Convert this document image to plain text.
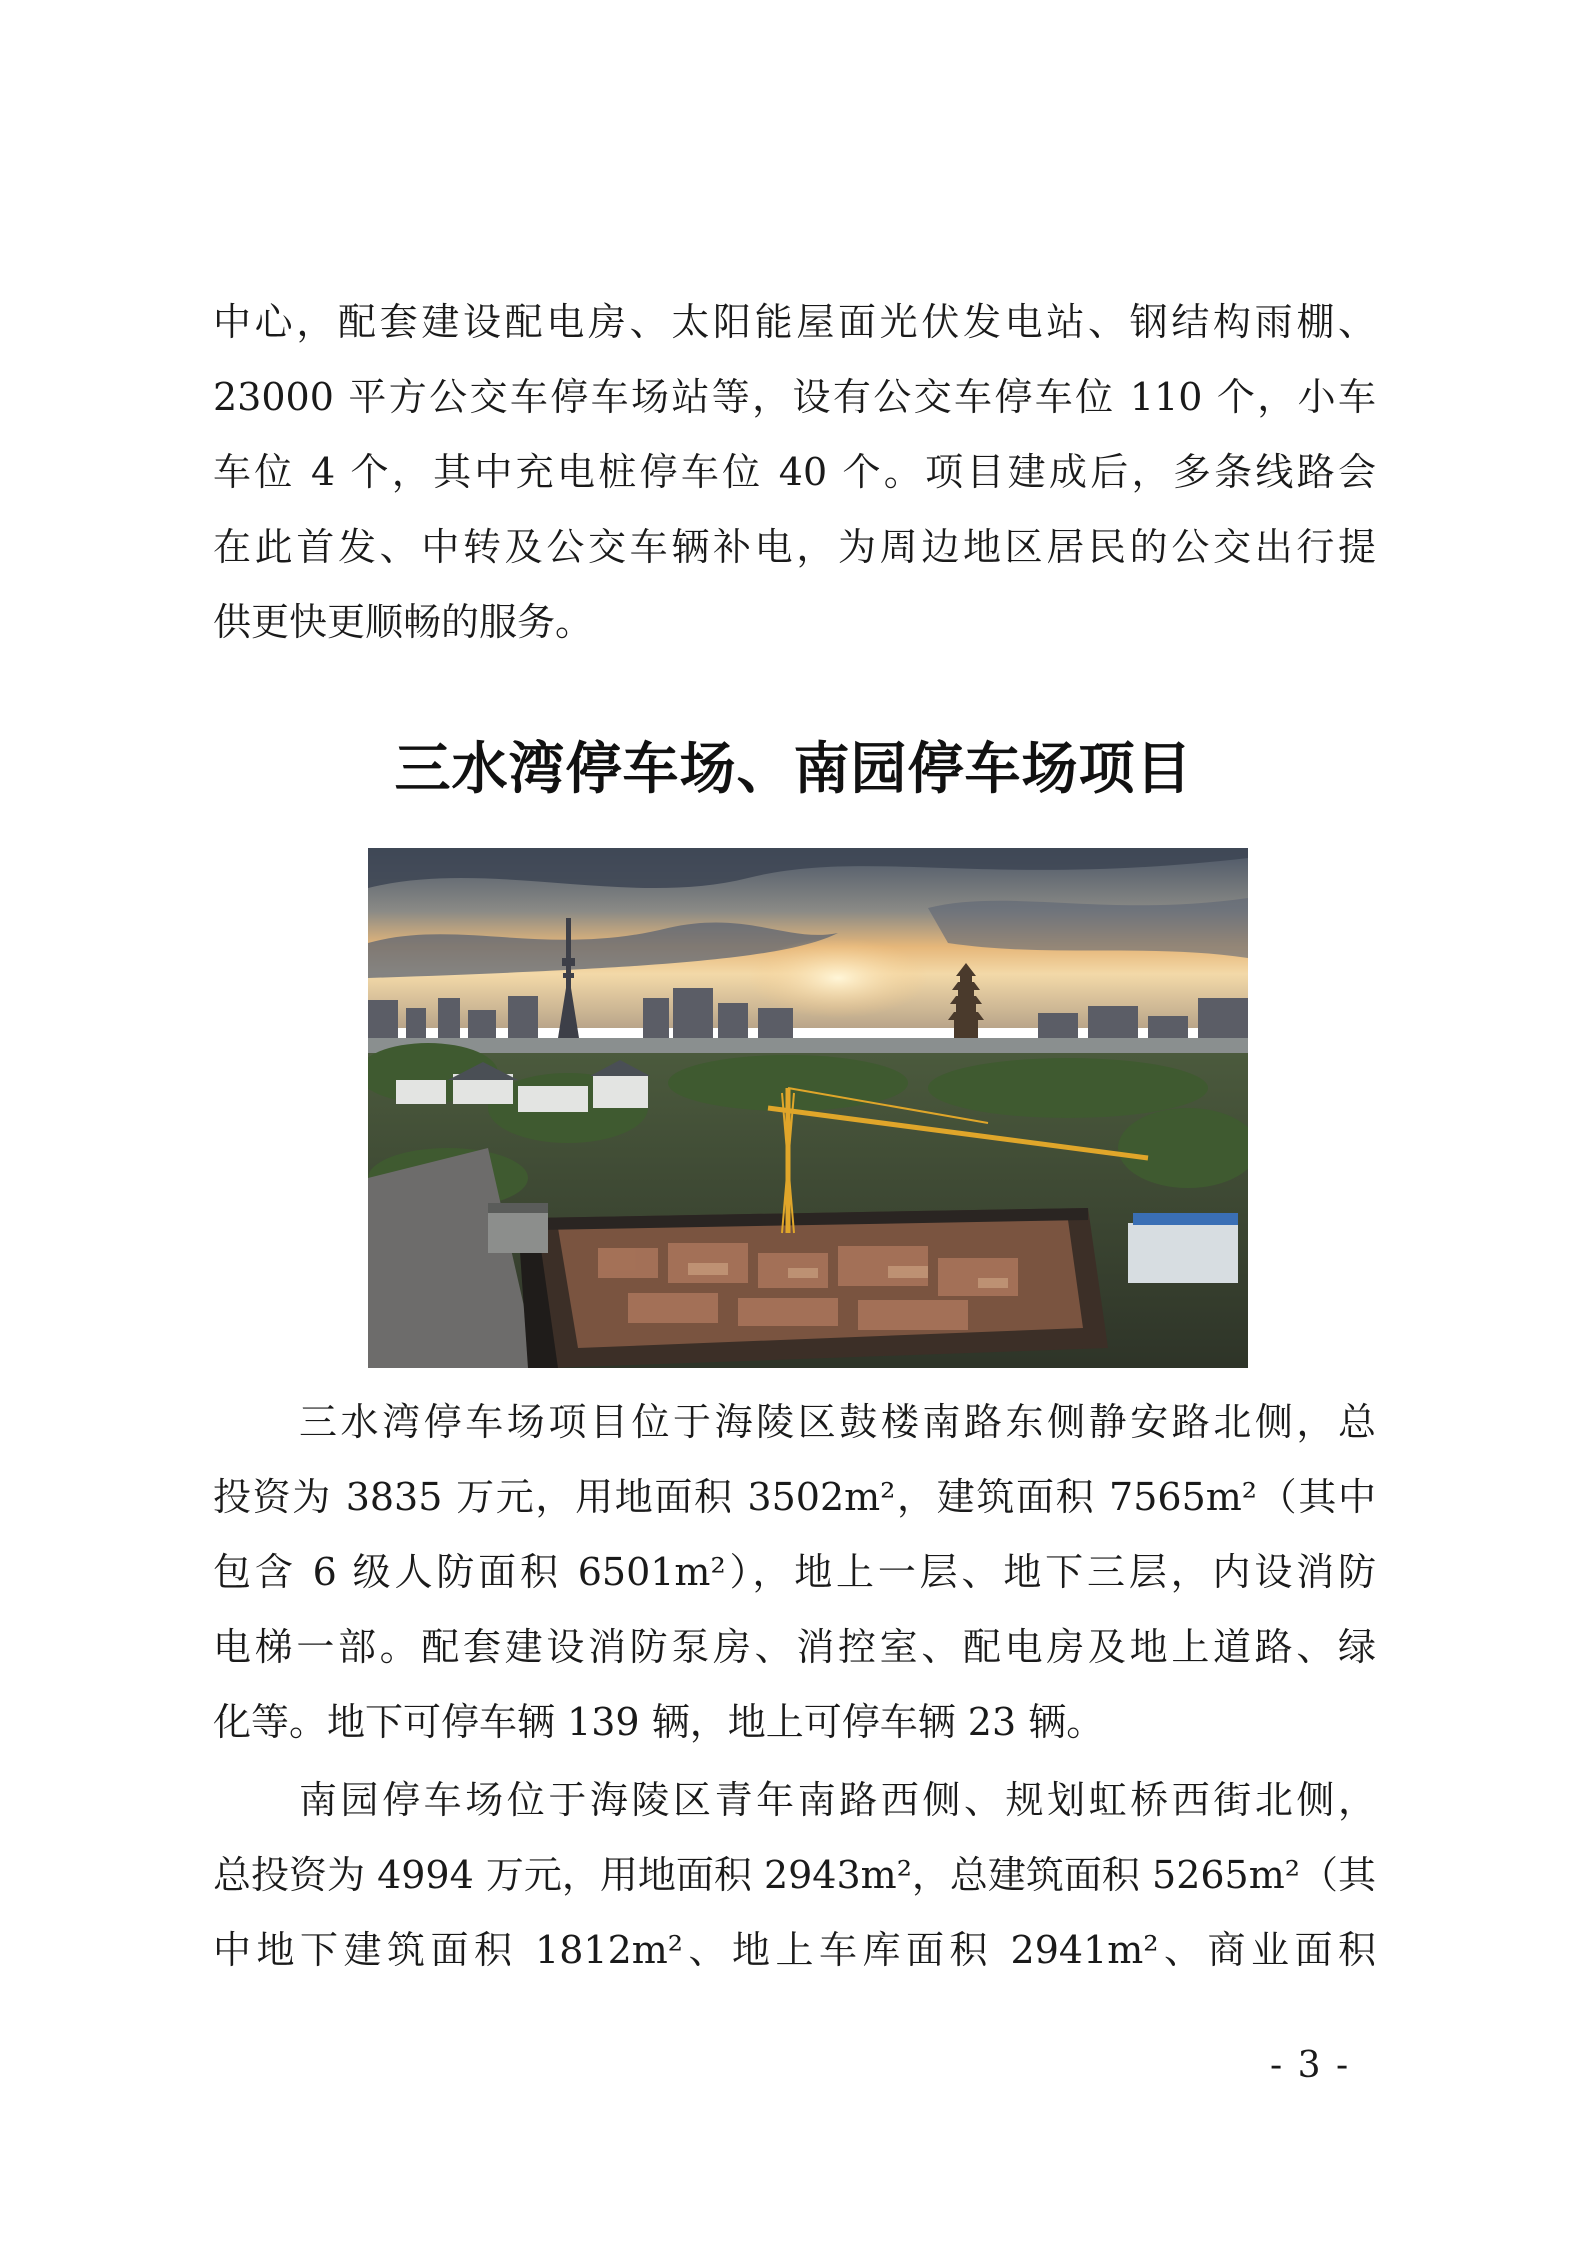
中心，配套建设配电房、太阳能屋面光伏发电站、钢结构雨棚、
23000 平方公交车停车场站等，设有公交车停车位 110 个，小车
车位 4 个，其中充电桩停车位 40 个。项目建成后，多条线路会
在此首发、中转及公交车辆补电，为周边地区居民的公交出行提
供更快更顺畅的服务。
三水湾停车场、南园停车场项目
三水湾停车场项目位于海陵区鼓楼南路东侧静安路北侧，总
投资为 3835 万元，用地面积 3502m²，建筑面积 7565m²（其中
包含 6 级人防面积 6501m²），地上一层、地下三层，内设消防
电梯一部。配套建设消防泵房、消控室、配电房及地上道路、绿
化等。地下可停车辆 139 辆，地上可停车辆 23 辆。
南园停车场位于海陵区青年南路西侧、规划虹桥西街北侧，
总投资为 4994 万元，用地面积 2943m²，总建筑面积 5265m²（其
中地下建筑面积 1812m²、地上车库面积 2941m²、商业面积
- 3 -
